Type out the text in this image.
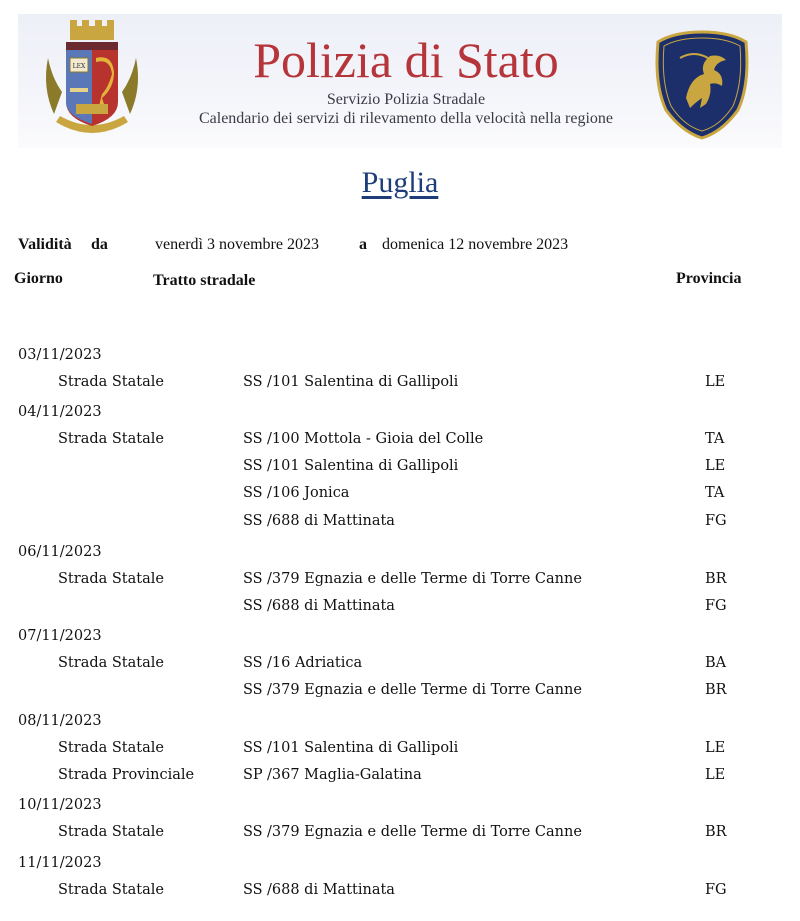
LEX	Polizia di Stato
Servizio Polizia Stradale
Calendario dei servizi di rilevamento della velocità nella regione
Puglia
Validità da	venerdì 3 novembre 2023	a domenica 12 novembre 2023
Giorno	Tratto stradale	Provincia
03/11/2023
Strada Statale	SS /101 Salentina di Gallipoli	LE
04/11/2023
Strada Statale	SS /100 Mottola - Gioia del Colle	TA
SS /101 Salentina di Gallipoli	LE
SS /106 Jonica	TA
SS /688 di Mattinata	FG
06/11/2023
Strada Statale	SS /379 Egnazia e delle Terme di Torre Canne	BR
SS /688 di Mattinata	FG
07/11/2023
Strada Statale	SS /16 Adriatica	BA
SS /379 Egnazia e delle Terme di Torre Canne	BR
08/11/2023
Strada Statale	SS /101 Salentina di Gallipoli	LE
Strada Provinciale	SP /367 Maglia-Galatina	LE
10/11/2023
Strada Statale	SS /379 Egnazia e delle Terme di Torre Canne	BR
11/11/2023
Strada Statale	SS /688 di Mattinata	FG
